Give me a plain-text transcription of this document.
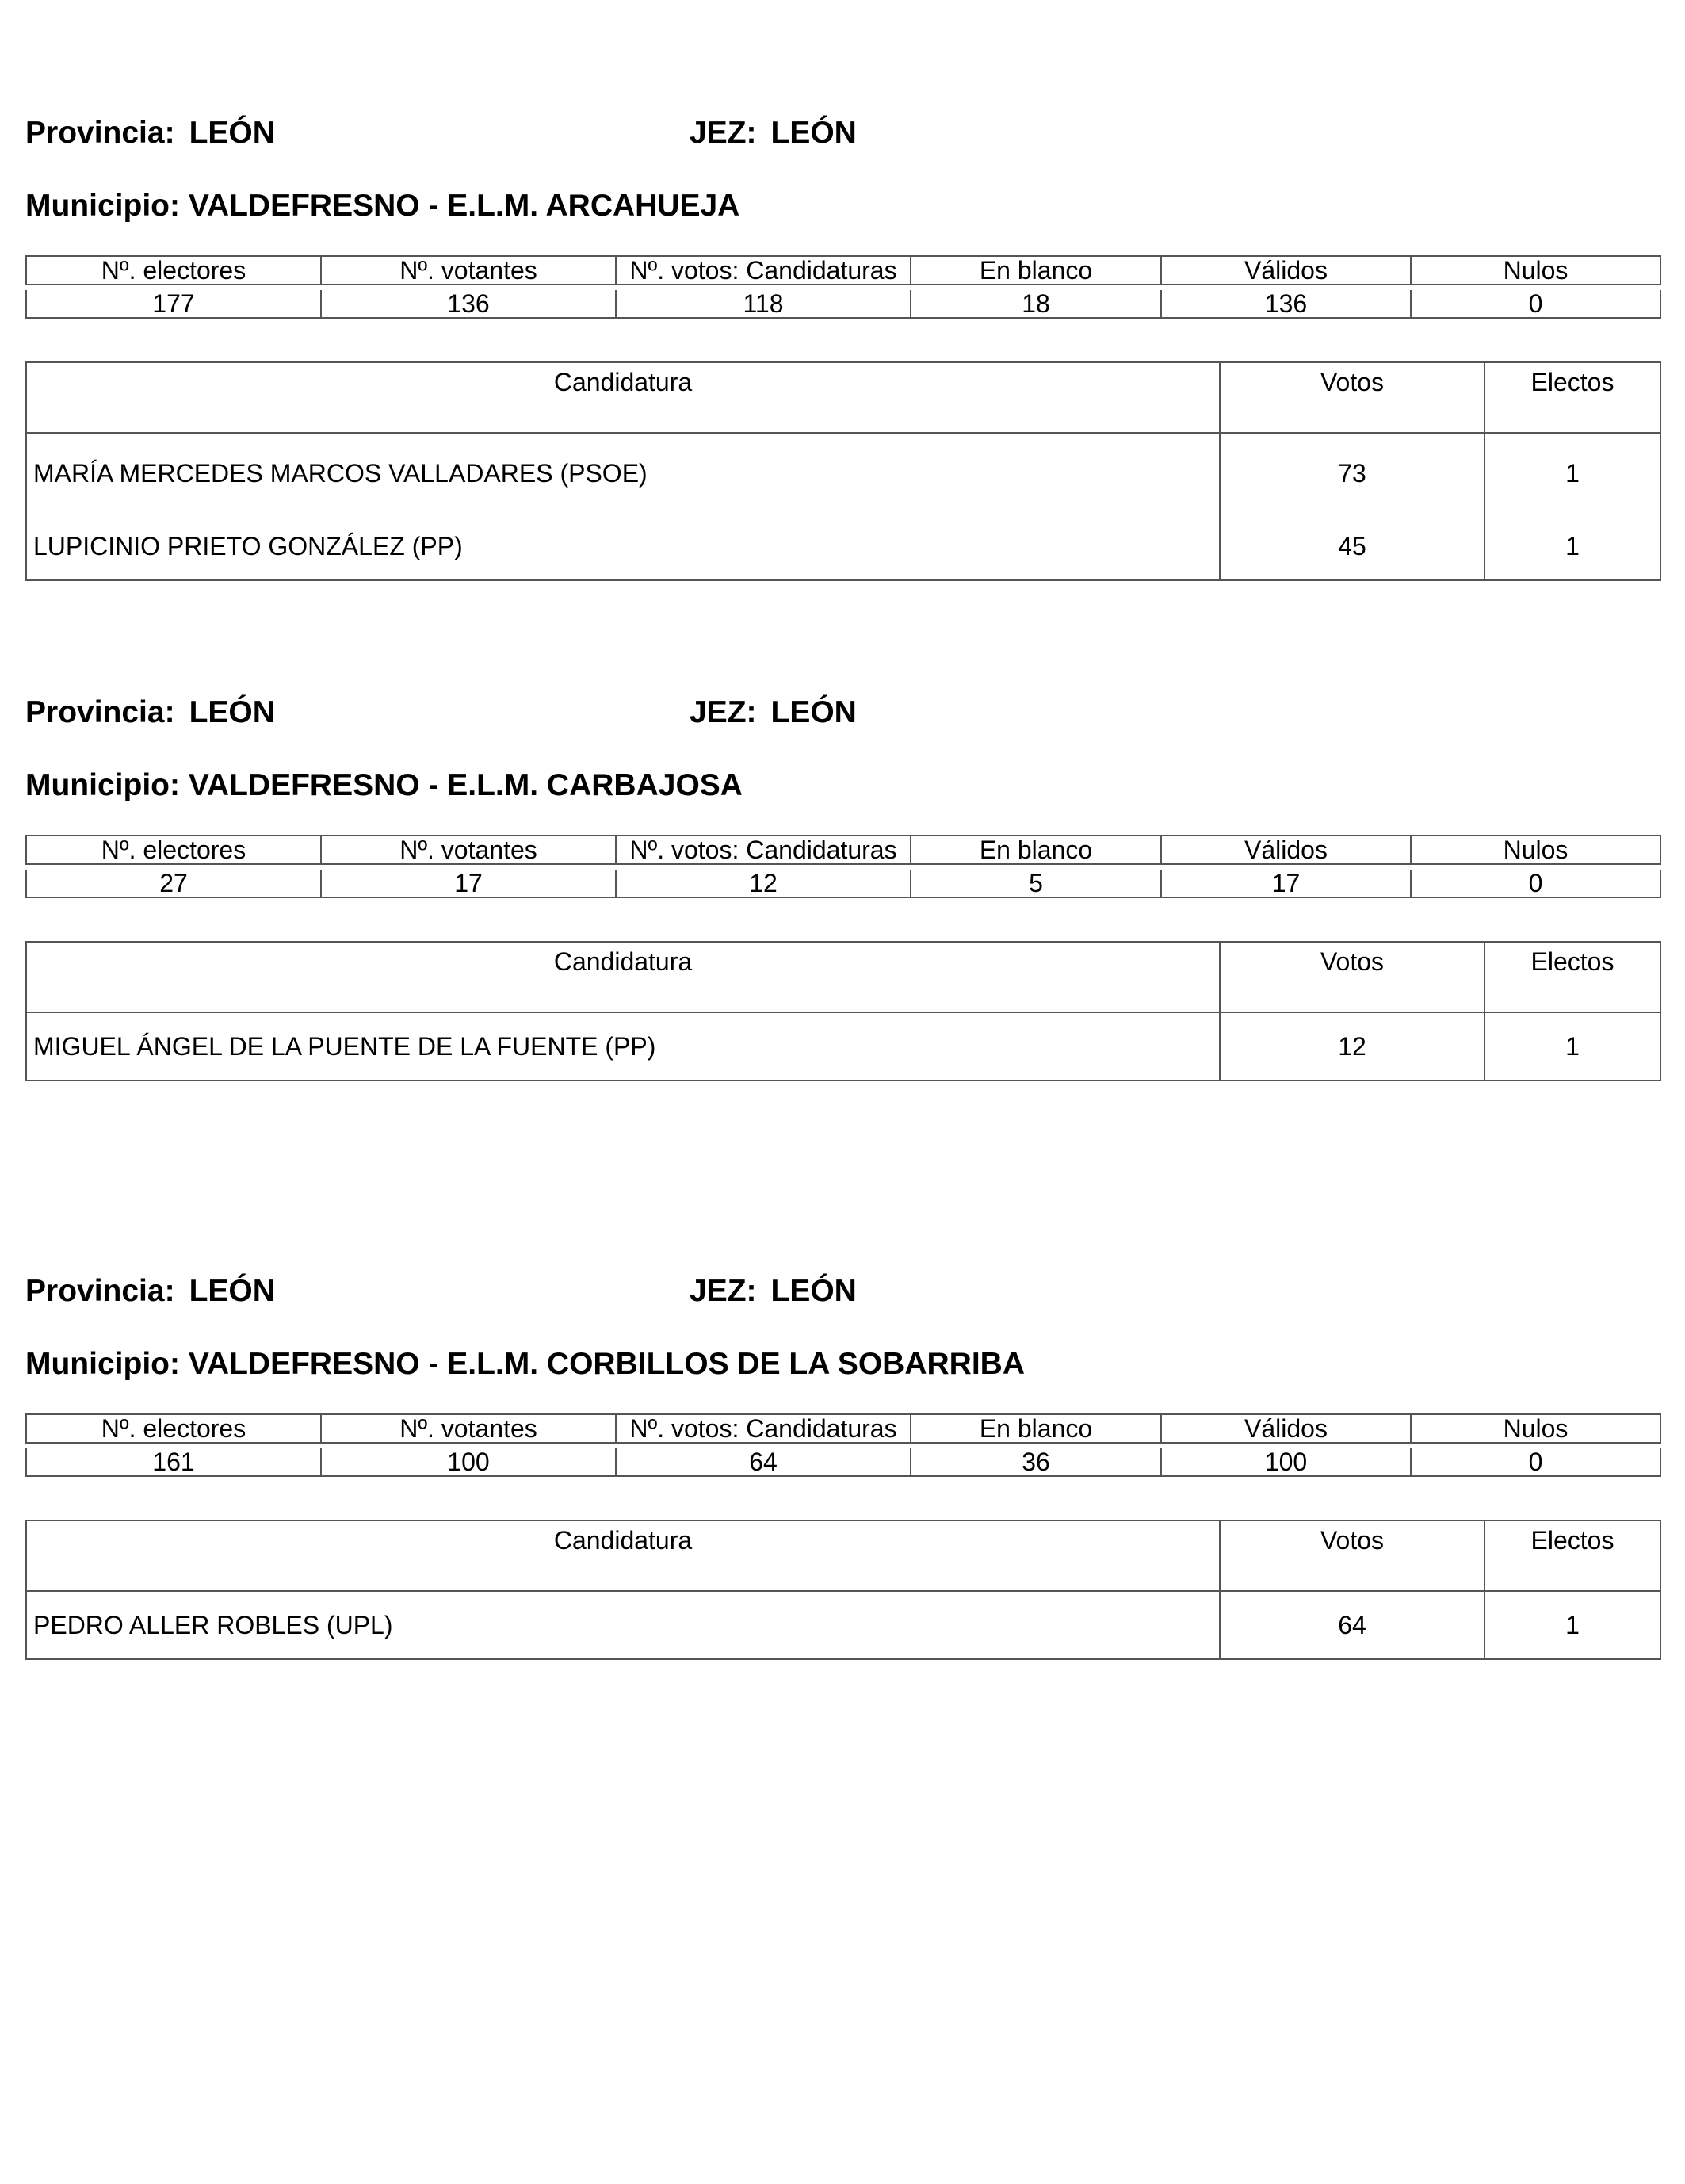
Provincia: LEÓN	JEZ: LEÓN
Municipio: VALDEFRESNO - E.L.M. ARCAHUEJA
Nº. electores	Nº. votantes	Nº. votos: Candidaturas	En blanco	Válidos	Nulos

177	136	118	18	136	0
Candidatura	Votos	Electos
MARÍA MERCEDES MARCOS VALLADARES (PSOE)	73	1
LUPICINIO PRIETO GONZÁLEZ (PP)	45	1
Provincia: LEÓN	JEZ: LEÓN
Municipio: VALDEFRESNO - E.L.M. CARBAJOSA
Nº. electores	Nº. votantes	Nº. votos: Candidaturas	En blanco	Válidos	Nulos

27	17	12	5	17	0
Candidatura	Votos	Electos
MIGUEL ÁNGEL DE LA PUENTE DE LA FUENTE (PP)	12	1
Provincia: LEÓN	JEZ: LEÓN
Municipio: VALDEFRESNO - E.L.M. CORBILLOS DE LA SOBARRIBA
Nº. electores	Nº. votantes	Nº. votos: Candidaturas	En blanco	Válidos	Nulos

161	100	64	36	100	0
Candidatura	Votos	Electos
PEDRO ALLER ROBLES (UPL)	64	1
